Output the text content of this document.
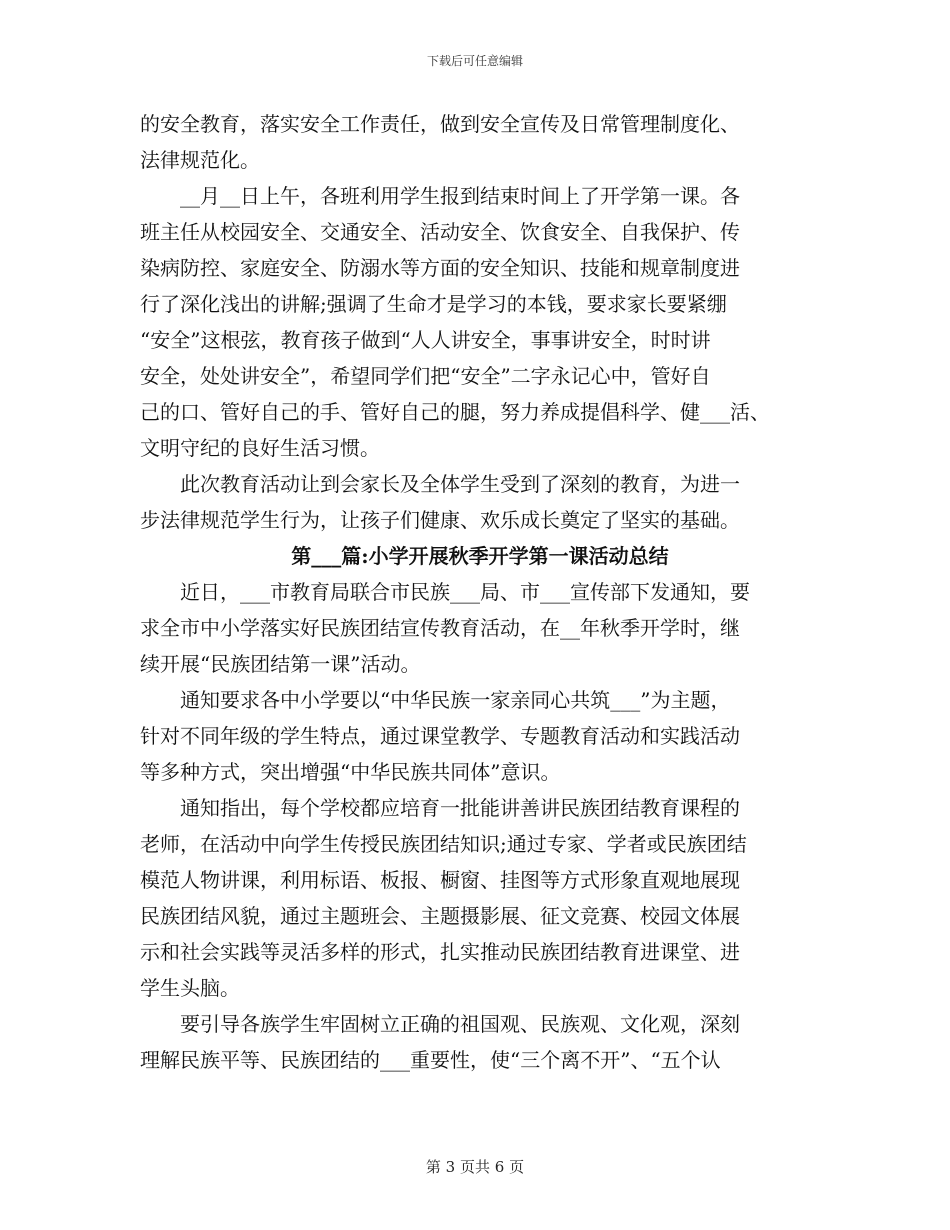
下载后可任意编辑
的安全教育，落实安全工作责任，做到安全宣传及日常管理制度化、
法律规范化。
　　__月__日上午，各班利用学生报到结束时间上了开学第一课。各
班主任从校园安全、交通安全、活动安全、饮食安全、自我保护、传
染病防控、家庭安全、防溺水等方面的安全知识、技能和规章制度进
行了深化浅出的讲解;强调了生命才是学习的本钱，要求家长要紧绷
“安全”这根弦，教育孩子做到“人人讲安全，事事讲安全，时时讲
安全，处处讲安全”，希望同学们把“安全”二字永记心中，管好自
己的口、管好自己的手、管好自己的腿，努力养成提倡科学、健___活、
文明守纪的良好生活习惯。
　　此次教育活动让到会家长及全体学生受到了深刻的教育，为进一
步法律规范学生行为，让孩子们健康、欢乐成长奠定了坚实的基础。
第___篇:小学开展秋季开学第一课活动总结
　　近日，___市教育局联合市民族___局、市___宣传部下发通知，要
求全市中小学落实好民族团结宣传教育活动，在__年秋季开学时，继
续开展“民族团结第一课”活动。
　　通知要求各中小学要以“中华民族一家亲同心共筑___”为主题，
针对不同年级的学生特点，通过课堂教学、专题教育活动和实践活动
等多种方式，突出增强“中华民族共同体”意识。
　　通知指出，每个学校都应培育一批能讲善讲民族团结教育课程的
老师，在活动中向学生传授民族团结知识;通过专家、学者或民族团结
模范人物讲课，利用标语、板报、橱窗、挂图等方式形象直观地展现
民族团结风貌，通过主题班会、主题摄影展、征文竞赛、校园文体展
示和社会实践等灵活多样的形式，扎实推动民族团结教育进课堂、进
学生头脑。
　　要引导各族学生牢固树立正确的祖国观、民族观、文化观，深刻
理解民族平等、民族团结的___重要性，使“三个离不开”、“五个认
第 3 页共 6 页
